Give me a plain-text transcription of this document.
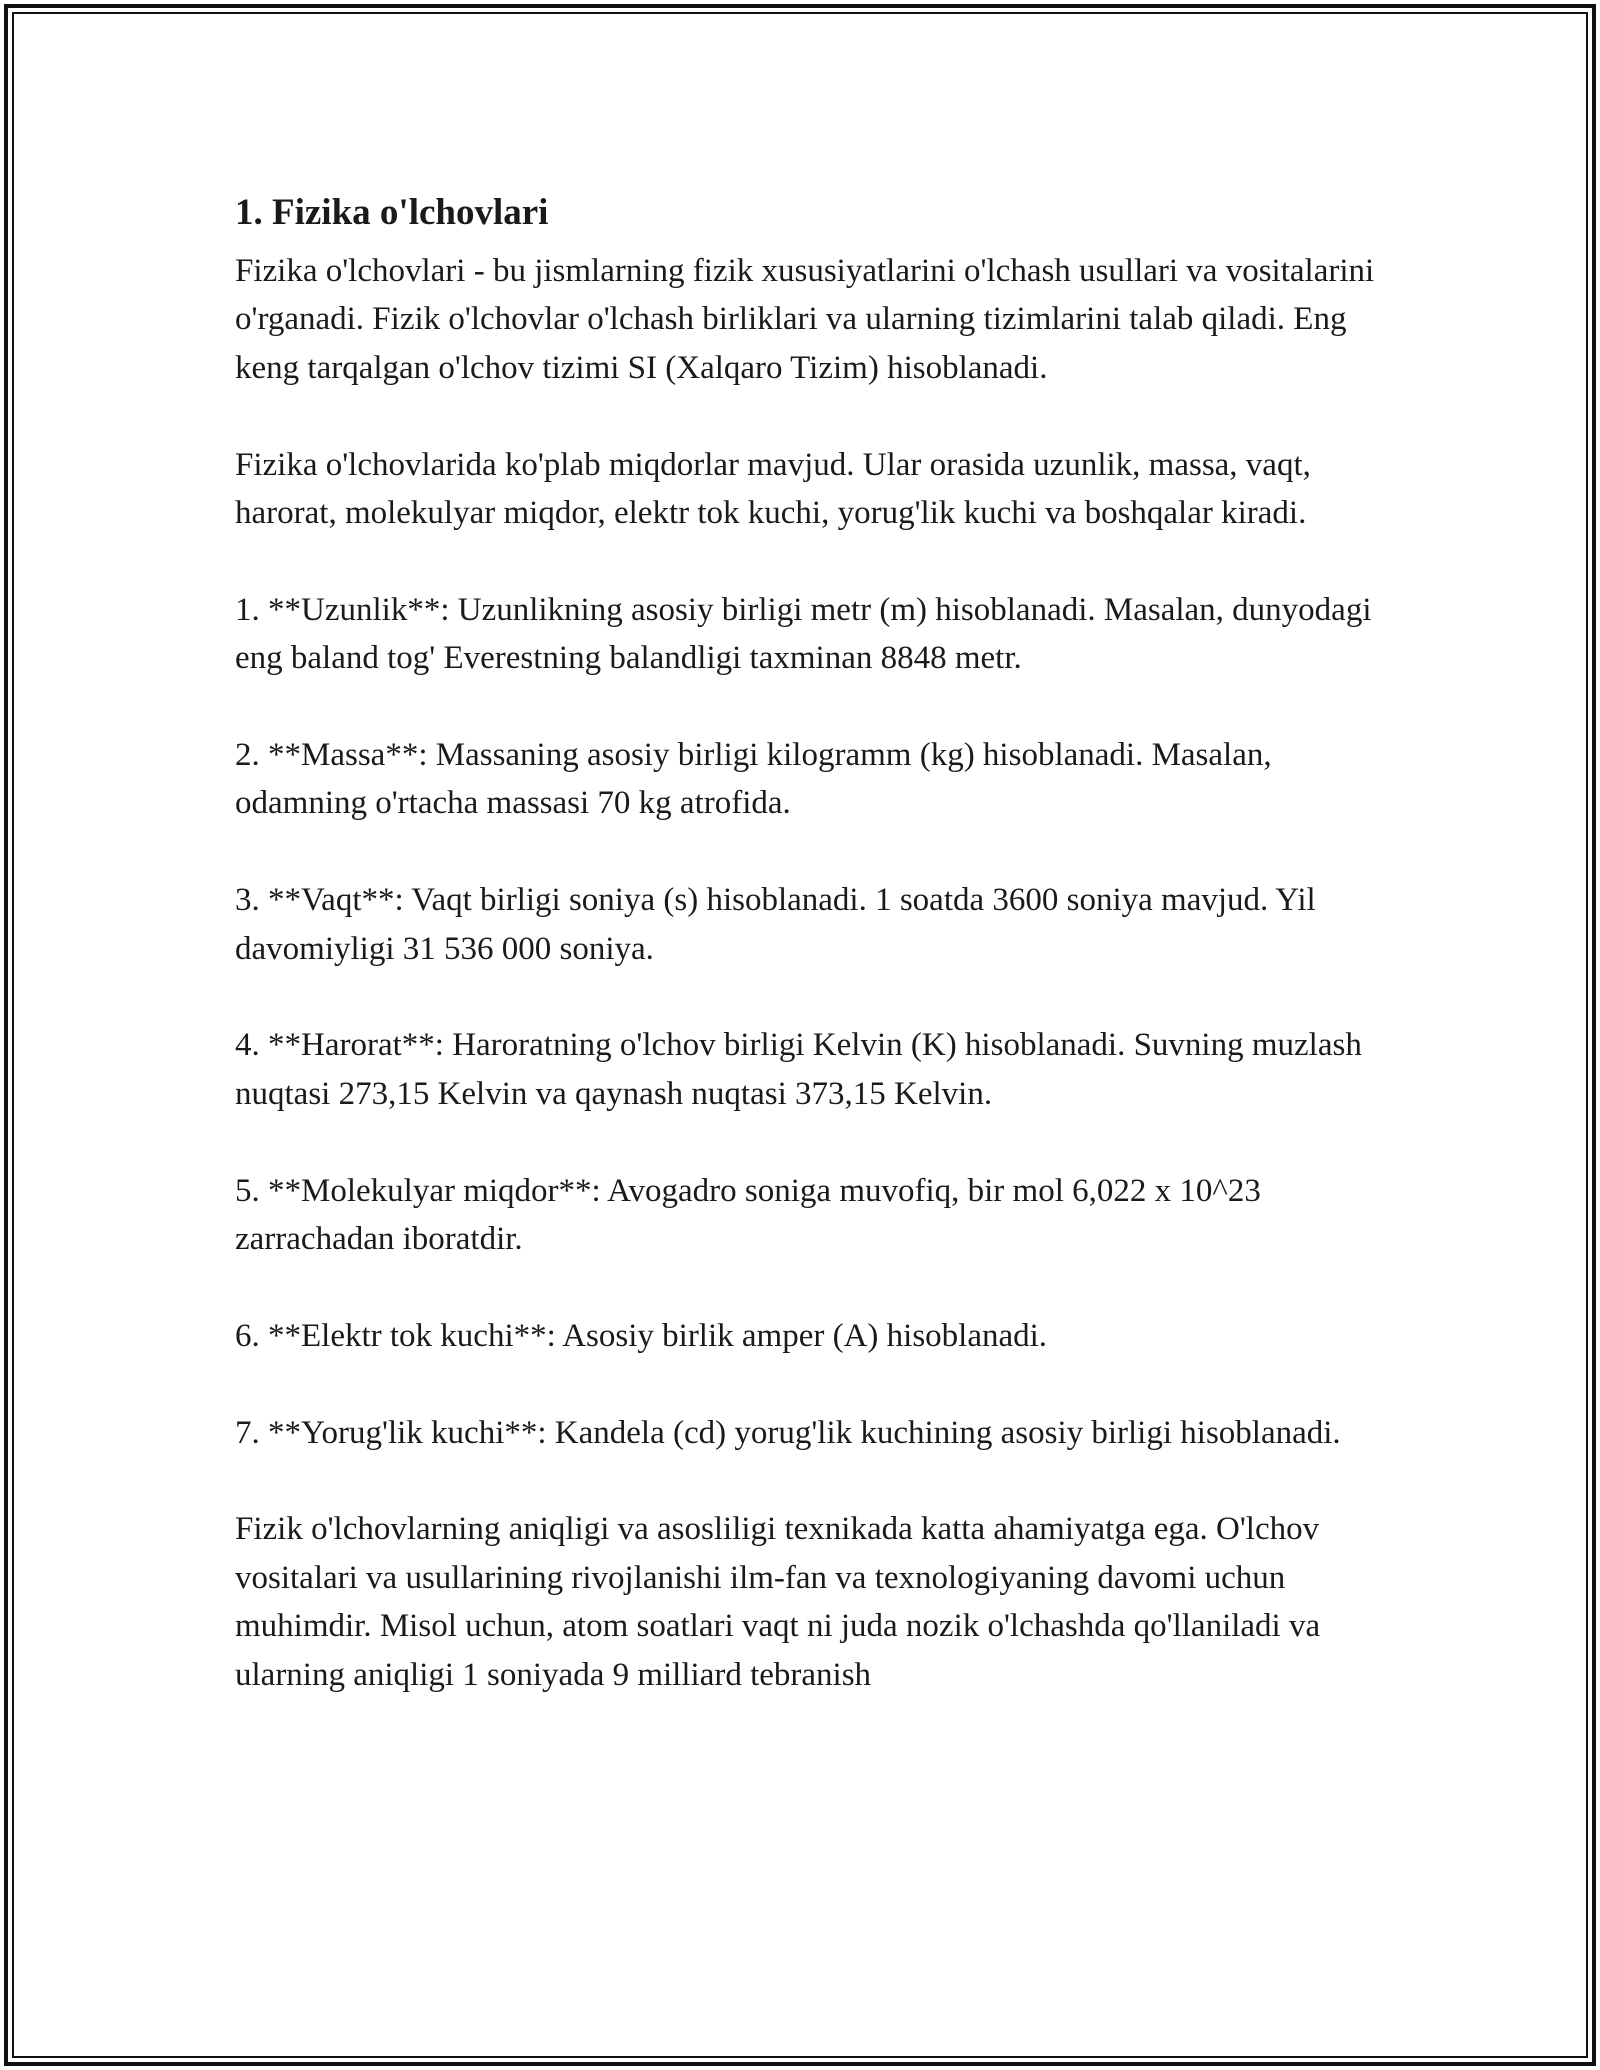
1. Fizika o'lchovlari

Fizika o'lchovlari - bu jismlarning fizik xususiyatlarini o'lchash usullari va vositalarini o'rganadi. Fizik o'lchovlar o'lchash birliklari va ularning tizimlarini talab qiladi. Eng keng tarqalgan o'lchov tizimi SI (Xalqaro Tizim) hisoblanadi.

Fizika o'lchovlarida ko'plab miqdorlar mavjud. Ular orasida uzunlik, massa, vaqt, harorat, molekulyar miqdor, elektr tok kuchi, yorug'lik kuchi va boshqalar kiradi.

1. **Uzunlik**: Uzunlikning asosiy birligi metr (m) hisoblanadi. Masalan, dunyodagi eng baland tog' Everestning balandligi taxminan 8848 metr.

2. **Massa**: Massaning asosiy birligi kilogramm (kg) hisoblanadi. Masalan, odamning o'rtacha massasi 70 kg atrofida.

3. **Vaqt**: Vaqt birligi soniya (s) hisoblanadi. 1 soatda 3600 soniya mavjud. Yil davomiyligi 31 536 000 soniya.

4. **Harorat**: Haroratning o'lchov birligi Kelvin (K) hisoblanadi. Suvning muzlash nuqtasi 273,15 Kelvin va qaynash nuqtasi 373,15 Kelvin.

5. **Molekulyar miqdor**: Avogadro soniga muvofiq, bir mol 6,022 x 10^23 zarrachadan iboratdir.

6. **Elektr tok kuchi**: Asosiy birlik amper (A) hisoblanadi.

7. **Yorug'lik kuchi**: Kandela (cd) yorug'lik kuchining asosiy birligi hisoblanadi.

Fizik o'lchovlarning aniqligi va asosliligi texnikada katta ahamiyatga ega. O'lchov vositalari va usullarining rivojlanishi ilm-fan va texnologiyaning davomi uchun muhimdir. Misol uchun, atom soatlari vaqt ni juda nozik o'lchashda qo'llaniladi va ularning aniqligi 1 soniyada 9 milliard tebranish
